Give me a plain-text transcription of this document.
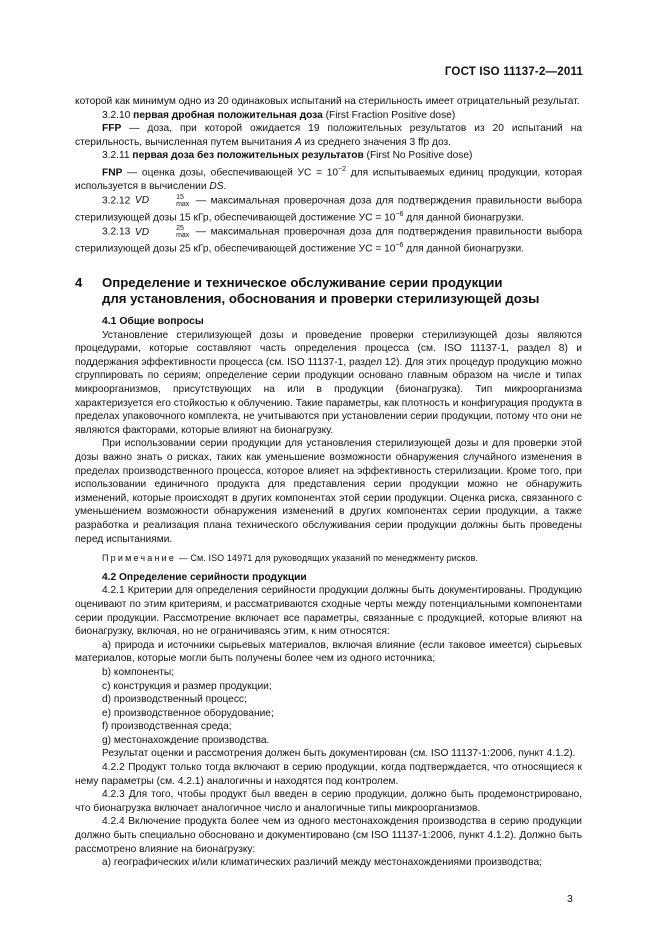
ГОСТ ISO 11137-2—2011

которой как минимум одно из 20 одинаковых испытаний на стерильность имеет отрицательный результат.

3.2.10 первая дробная положительная доза (First Fraction Positive dose)

FFP — доза, при которой ожидается 19 положительных результатов из 20 испытаний на стерильность, вычисленная путем вычитания A из среднего значения 3 ffp доз.

3.2.11 первая доза без положительных результатов (First No Positive dose)

FNP — оценка дозы, обеспечивающей УС = $10^{-2}$ для испытываемых единиц продукции, которая используется в вычислении DS.

3.2.12 VD	15
max — максимальная проверочная доза для подтверждения правильности выбора стерилизующей дозы 15 кГр, обеспечивающей достижение УС = $10^{-6}$ для данной бионагрузки.

3.2.13 VD	25
max — максимальная проверочная доза для подтверждения правильности выбора стерилизующей дозы 25 кГр, обеспечивающей достижение УС = $10^{-6}$ для данной бионагрузки.

4 Определение и техническое обслуживание серии продукции
для установления, обоснования и проверки стерилизующей дозы

4.1 Общие вопросы

Установление стерилизующей дозы и проведение проверки стерилизующей дозы являются процедурами, которые составляют часть определения процесса (см. ISO 11137-1, раздел 8) и поддержания эффективности процесса (см. ISO 11137-1, раздел 12). Для этих процедур продукцию можно сгруппировать по сериям; определение серии продукции основано главным образом на числе и типах микроорганизмов, присутствующих на или в продукции (бионагрузка). Тип микроорганизма характеризуется его стойкостью к облучению. Такие параметры, как плотность и конфигурация продукта в пределах упаковочного комплекта, не учитываются при установлении серии продукции, потому что они не являются факторами, которые влияют на бионагрузку.

При использовании серии продукции для установления стерилизующей дозы и для проверки этой дозы важно знать о рисках, таких как уменьшение возможности обнаружения случайного изменения в пределах производственного процесса, которое влияет на эффективность стерилизации. Кроме того, при использовании единичного продукта для представления серии продукции можно не обнаружить изменений, которые происходят в других компонентах этой серии продукции. Оценка риска, связанного с уменьшением возможности обнаружения изменений в других компонентах серии продукции, а также разработка и реализация плана технического обслуживания серии продукции должны быть проведены перед испытаниями.

Примечание — См. ISO 14971 для руководящих указаний по менеджменту рисков.

4.2 Определение серийности продукции

4.2.1 Критерии для определения серийности продукции должны быть документированы. Продукцию оценивают по этим критериям, и рассматриваются сходные черты между потенциальными компонентами серии продукции. Рассмотрение включает все параметры, связанные с продукцией, которые влияют на бионагрузку, включая, но не ограничиваясь этим, к ним относятся:

а) природа и источники сырьевых материалов, включая влияние (если таковое имеется) сырьевых материалов, которые могли быть получены более чем из одного источника;

b) компоненты;

с) конструкция и размер продукции;

d) производственный процесс;

е) производственное оборудование;

f) производственная среда;

g) местонахождение производства.

Результат оценки и рассмотрения должен быть документирован (см. ISO 11137-1:2006, пункт 4.1.2).

4.2.2 Продукт только тогда включают в серию продукции, когда подтверждается, что относящиеся к нему параметры (см. 4.2.1) аналогичны и находятся под контролем.

4.2.3 Для того, чтобы продукт был введен в серию продукции, должно быть продемонстрировано, что бионагрузка включает аналогичное число и аналогичные типы микроорганизмов.

4.2.4 Включение продукта более чем из одного местонахождения производства в серию продукции должно быть специально обосновано и документировано (см ISO 11137-1:2006, пункт 4.1.2). Должно быть рассмотрено влияние на бионагрузку:

а) географических и/или климатических различий между местонахождениями производства;

3
